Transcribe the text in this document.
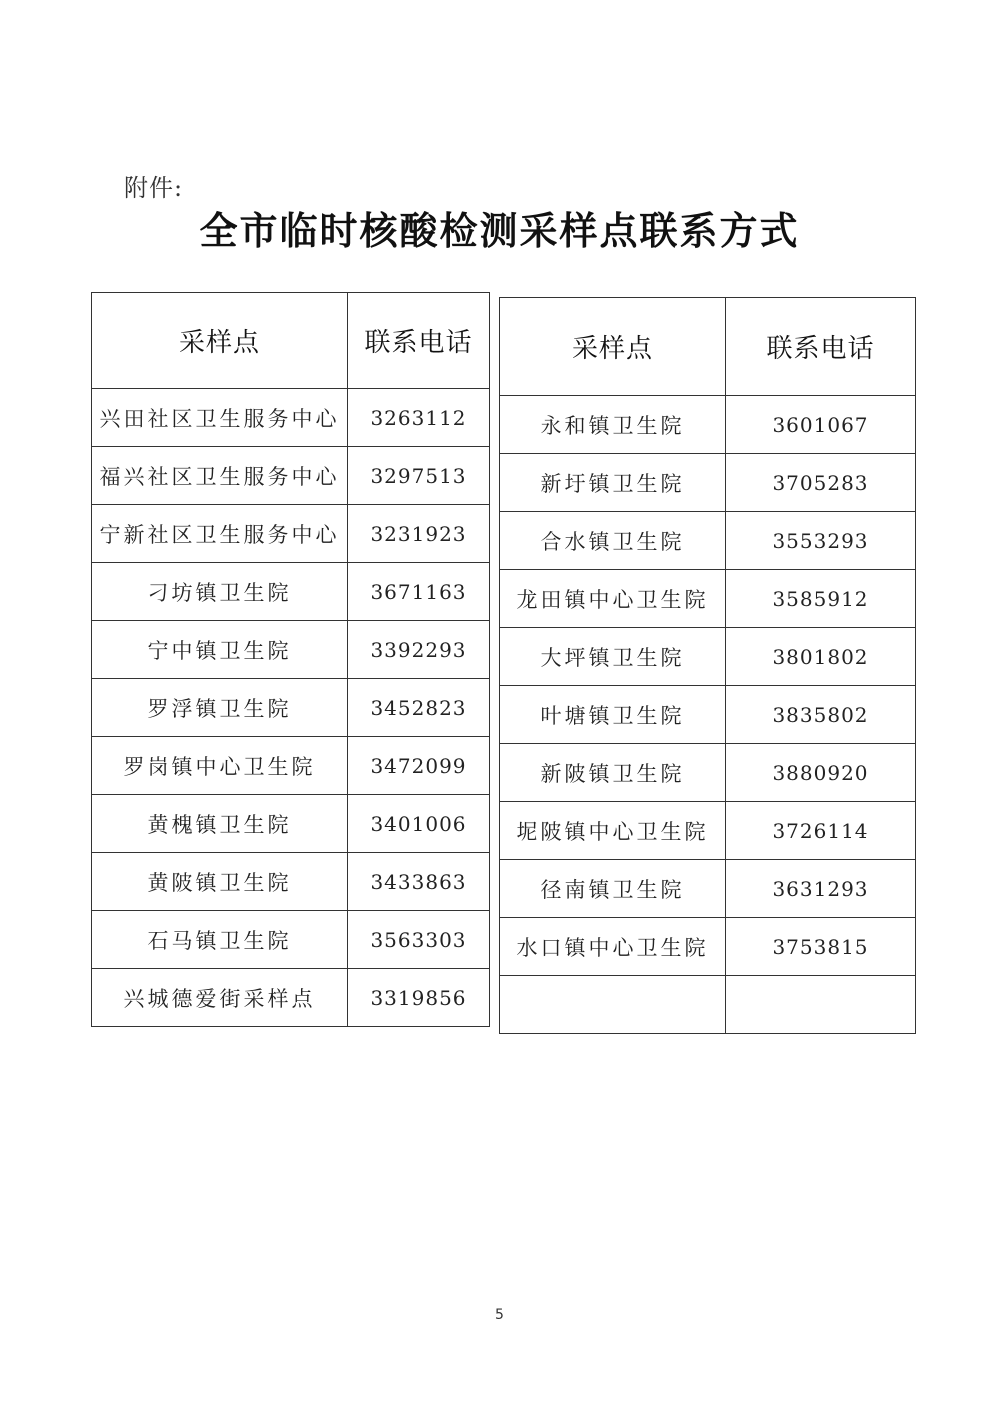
附件:
全市临时核酸检测采样点联系方式
采样点	联系电话
兴田社区卫生服务中心	3263112
福兴社区卫生服务中心	3297513
宁新社区卫生服务中心	3231923
刁坊镇卫生院	3671163
宁中镇卫生院	3392293
罗浮镇卫生院	3452823
罗岗镇中心卫生院	3472099
黄槐镇卫生院	3401006
黄陂镇卫生院	3433863
石马镇卫生院	3563303
兴城德爱街采样点	3319856
采样点	联系电话
永和镇卫生院	3601067
新圩镇卫生院	3705283
合水镇卫生院	3553293
龙田镇中心卫生院	3585912
大坪镇卫生院	3801802
叶塘镇卫生院	3835802
新陂镇卫生院	3880920
坭陂镇中心卫生院	3726114
径南镇卫生院	3631293
水口镇中心卫生院	3753815

5
